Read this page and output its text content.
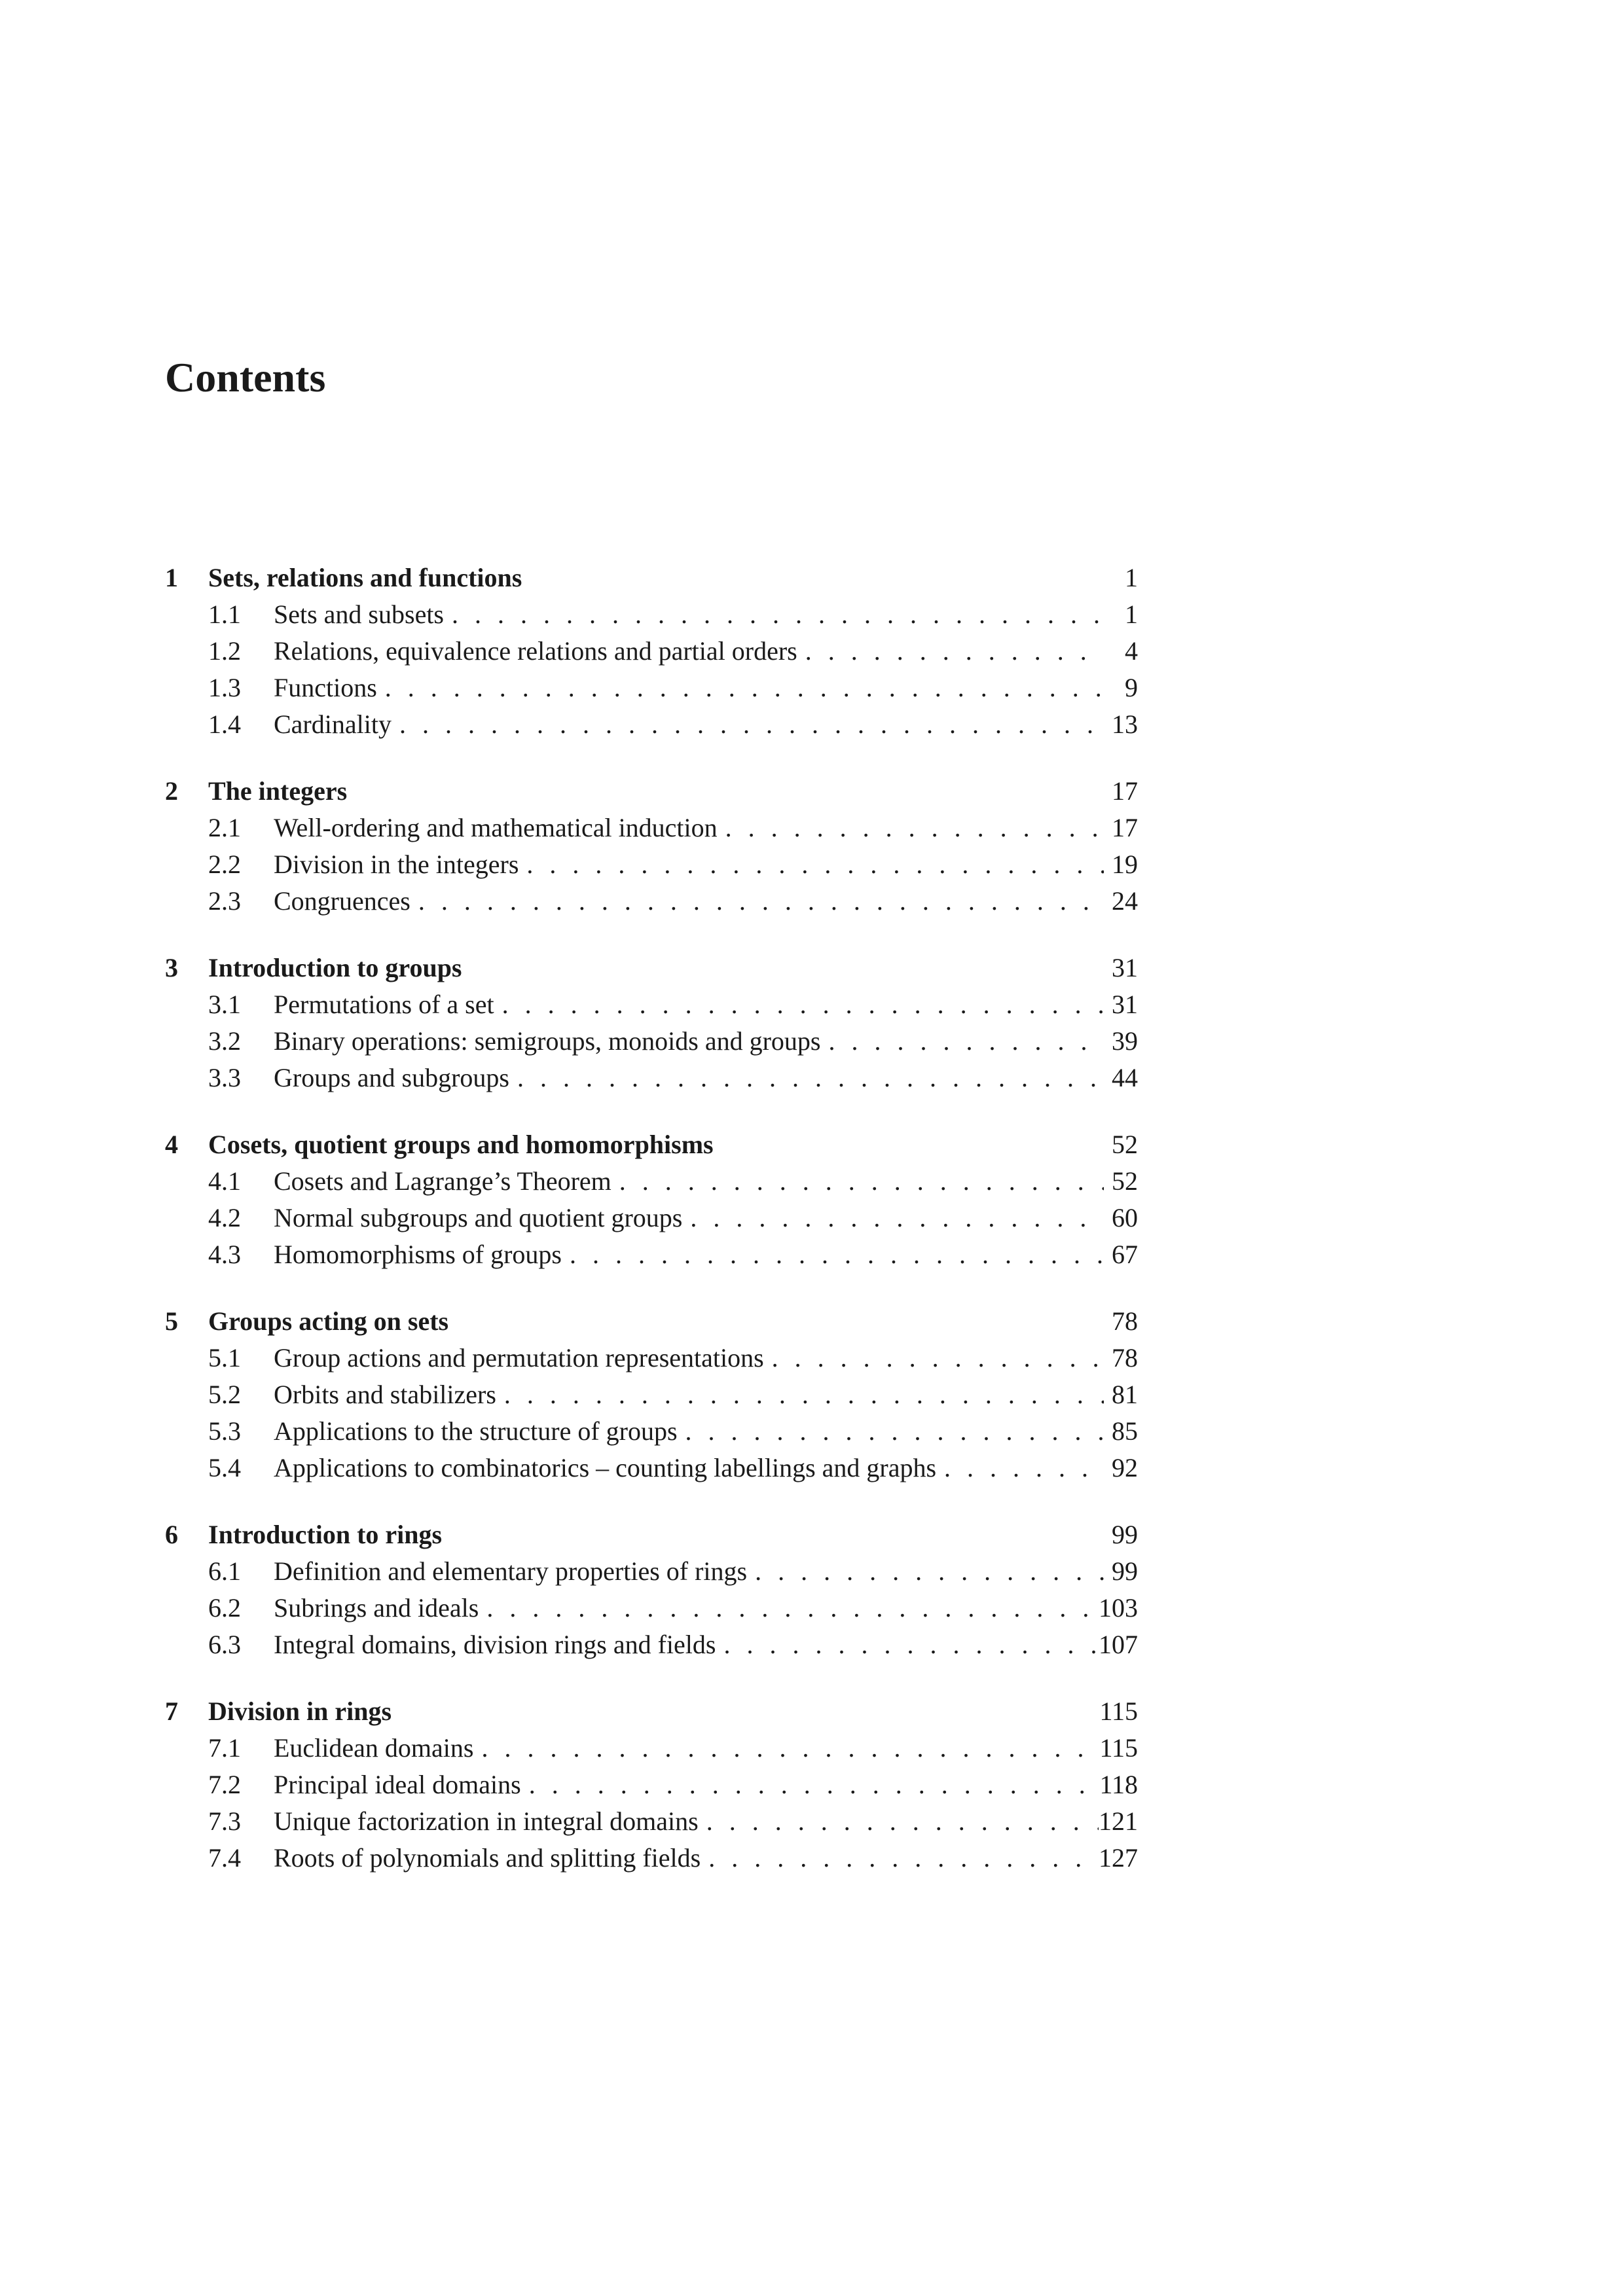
Contents
1	Sets, relations and functions	1
1.1	Sets and subsets . . .	1
1.2	Relations, equivalence relations and partial orders . . .	4
1.3	Functions . . .	9
1.4	Cardinality . . .	13
2	The integers	17
2.1	Well-ordering and mathematical induction . . .	17
2.2	Division in the integers . . .	19
2.3	Congruences . . .	24
3	Introduction to groups	31
3.1	Permutations of a set . . .	31
3.2	Binary operations: semigroups, monoids and groups . . .	39
3.3	Groups and subgroups . . .	44
4	Cosets, quotient groups and homomorphisms	52
4.1	Cosets and Lagrange’s Theorem . . .	52
4.2	Normal subgroups and quotient groups . . .	60
4.3	Homomorphisms of groups . . .	67
5	Groups acting on sets	78
5.1	Group actions and permutation representations . . .	78
5.2	Orbits and stabilizers . . .	81
5.3	Applications to the structure of groups . . .	85
5.4	Applications to combinatorics – counting labellings and graphs . . .	92
6	Introduction to rings	99
6.1	Definition and elementary properties of rings . . .	99
6.2	Subrings and ideals . . .	103
6.3	Integral domains, division rings and fields . . .	107
7	Division in rings	115
7.1	Euclidean domains . . .	115
7.2	Principal ideal domains . . .	118
7.3	Unique factorization in integral domains . . .	121
7.4	Roots of polynomials and splitting fields . . .	127
